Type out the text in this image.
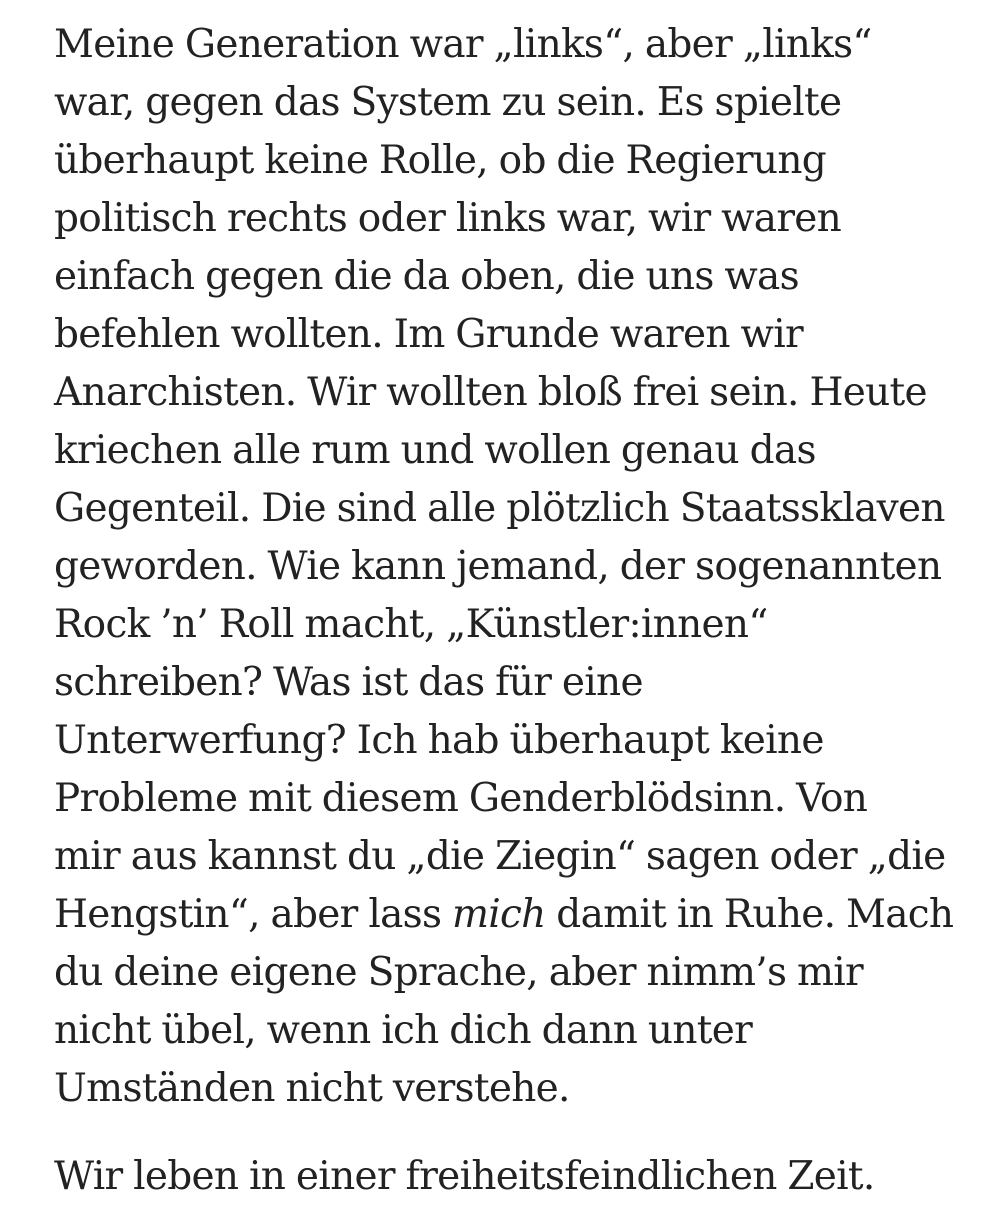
Meine Generation war „links“, aber „links“
war, gegen das System zu sein. Es spielte
überhaupt keine Rolle, ob die Regierung
politisch rechts oder links war, wir waren
einfach gegen die da oben, die uns was
befehlen wollten. Im Grunde waren wir
Anarchisten. Wir wollten bloß frei sein. Heute
kriechen alle rum und wollen genau das
Gegenteil. Die sind alle plötzlich Staatssklaven
geworden. Wie kann jemand, der sogenannten
Rock ’n’ Roll macht, „Künstler:innen“
schreiben? Was ist das für eine
Unterwerfung? Ich hab überhaupt keine
Probleme mit diesem Genderblödsinn. Von
mir aus kannst du „die Ziegin“ sagen oder „die
Hengstin“, aber lass mich damit in Ruhe. Mach
du deine eigene Sprache, aber nimm’s mir
nicht übel, wenn ich dich dann unter
Umständen nicht verstehe.
Wir leben in einer freiheitsfeindlichen Zeit.
